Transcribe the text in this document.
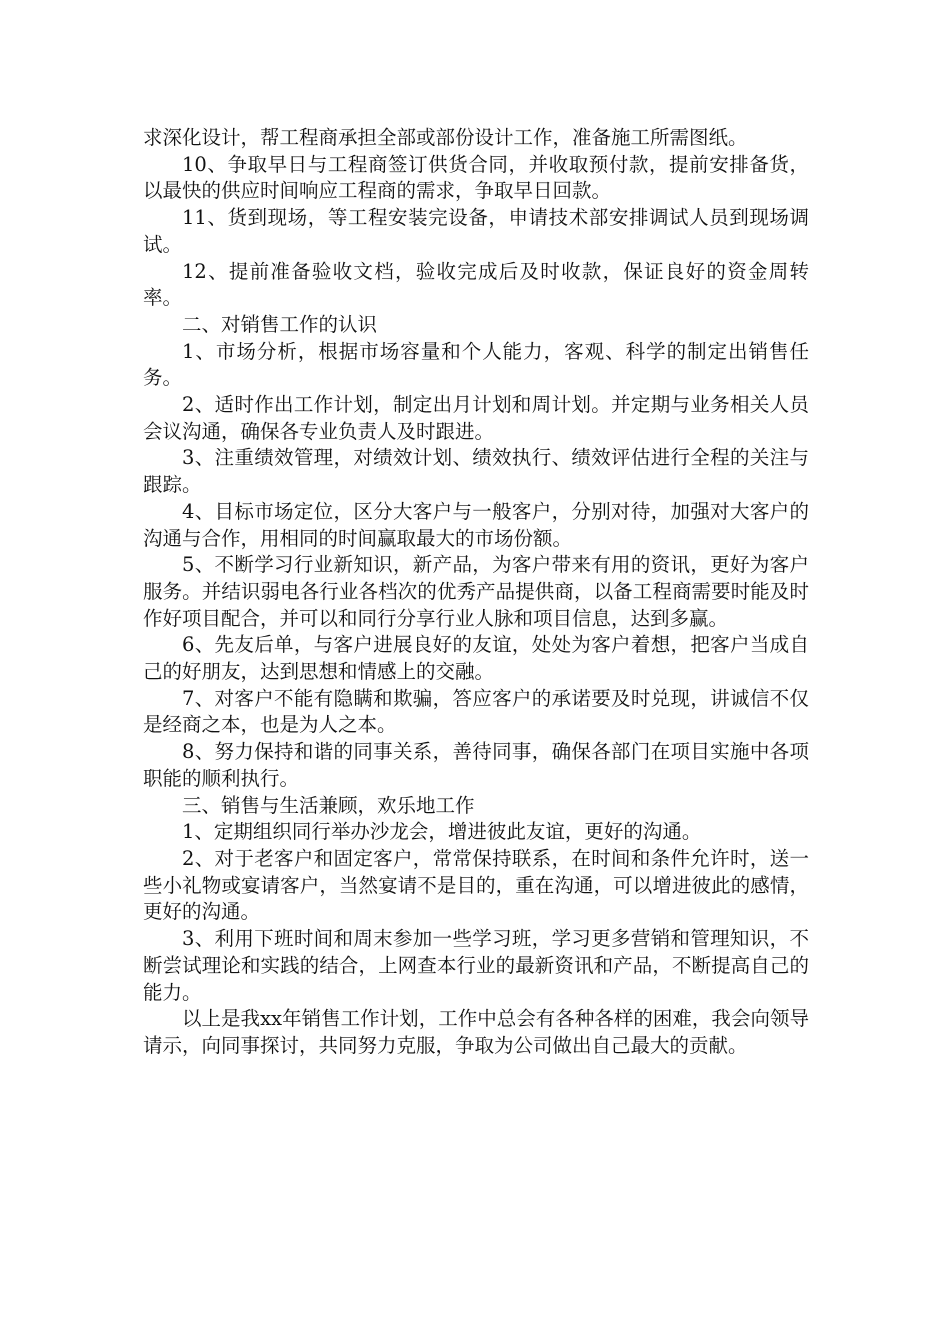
求深化设计，帮工程商承担全部或部份设计工作，准备施工所需图纸。

10、争取早日与工程商签订供货合同，并收取预付款，提前安排备货，以最快的供应时间响应工程商的需求，争取早日回款。

11、货到现场，等工程安装完设备，申请技术部安排调试人员到现场调试。

12、提前准备验收文档，验收完成后及时收款，保证良好的资金周转率。

二、对销售工作的认识

1、市场分析，根据市场容量和个人能力，客观、科学的制定出销售任务。

2、适时作出工作计划，制定出月计划和周计划。并定期与业务相关人员会议沟通，确保各专业负责人及时跟进。

3、注重绩效管理，对绩效计划、绩效执行、绩效评估进行全程的关注与跟踪。

4、目标市场定位，区分大客户与一般客户，分别对待，加强对大客户的沟通与合作，用相同的时间赢取最大的市场份额。

5、不断学习行业新知识，新产品，为客户带来有用的资讯，更好为客户服务。并结识弱电各行业各档次的优秀产品提供商，以备工程商需要时能及时作好项目配合，并可以和同行分享行业人脉和项目信息，达到多赢。

6、先友后单，与客户进展良好的友谊，处处为客户着想，把客户当成自己的好朋友，达到思想和情感上的交融。

7、对客户不能有隐瞒和欺骗，答应客户的承诺要及时兑现，讲诚信不仅是经商之本，也是为人之本。

8、努力保持和谐的同事关系，善待同事，确保各部门在项目实施中各项职能的顺利执行。

三、销售与生活兼顾，欢乐地工作

1、定期组织同行举办沙龙会，增进彼此友谊，更好的沟通。

2、对于老客户和固定客户，常常保持联系，在时间和条件允许时，送一些小礼物或宴请客户，当然宴请不是目的，重在沟通，可以增进彼此的感情，更好的沟通。

3、利用下班时间和周末参加一些学习班，学习更多营销和管理知识，不断尝试理论和实践的结合，上网查本行业的最新资讯和产品，不断提高自己的能力。

以上是我xx年销售工作计划，工作中总会有各种各样的困难，我会向领导请示，向同事探讨，共同努力克服，争取为公司做出自己最大的贡献。
